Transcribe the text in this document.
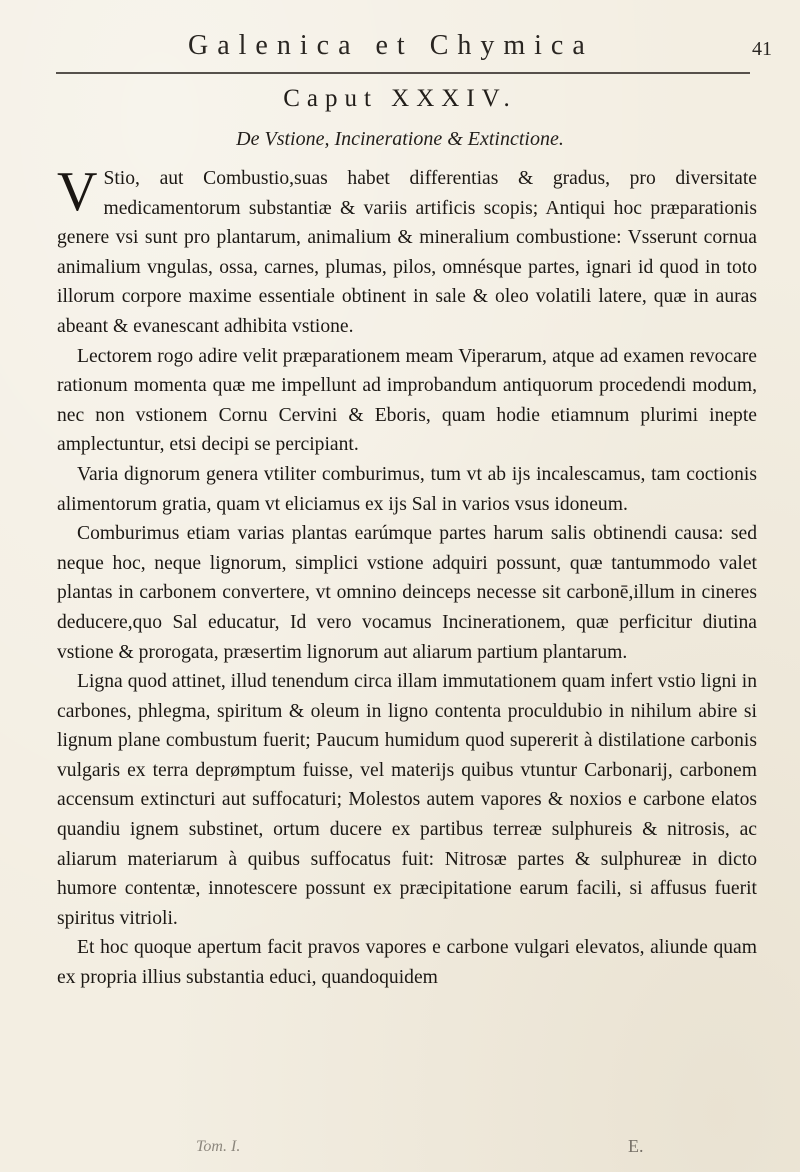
Galenica et Chymica	41
Caput XXXIV.
De Vstione, Incineratione & Extinctione.

V Stio, aut Combustio,suas habet differentias & gradus, pro diversitate medicamentorum substantiæ & variis artificis scopis; Antiqui hoc præparationis genere vsi sunt pro plantarum, animalium & mineralium combustione: Vsserunt cornua animalium vngulas, ossa, carnes, plumas, pilos, omnésque partes, ignari id quod in toto illorum corpore maxime essentiale obtinent in sale & oleo volatili latere, quæ in auras abeant & evanescant adhibita vstione.

Lectorem rogo adire velit præparationem meam Viperarum, atque ad examen revocare rationum momenta quæ me impellunt ad improbandum antiquorum procedendi modum, nec non vstionem Cornu Cervini & Eboris, quam hodie etiamnum plurimi inepte amplectuntur, etsi decipi se percipiant.

Varia dignorum genera vtiliter comburimus, tum vt ab ijs incalescamus, tam coctionis alimentorum gratia, quam vt eliciamus ex ijs Sal in varios vsus idoneum.

Comburimus etiam varias plantas earúmque partes harum salis obtinendi causa: sed neque hoc, neque lignorum, simplici vstione adquiri possunt, quæ tantummodo valet plantas in carbonem convertere, vt omnino deinceps necesse sit carbonē,illum in cineres deducere,quo Sal educatur, Id vero vocamus Incinerationem, quæ perficitur diutina vstione & prorogata, præsertim lignorum aut aliarum partium plantarum.

Ligna quod attinet, illud tenendum circa illam immutationem quam infert vstio ligni in carbones, phlegma, spiritum & oleum in ligno contenta proculdubio in nihilum abire si lignum plane combustum fuerit; Paucum humidum quod supererit à distilatione carbonis vulgaris ex terra deprømptum fuisse, vel materijs quibus vtuntur Carbonarij, carbonem accensum extincturi aut suffocaturi; Molestos autem vapores & noxios e carbone elatos quandiu ignem substinet, ortum ducere ex partibus terreæ sulphureis & nitrosis, ac aliarum materiarum à quibus suffocatus fuit: Nitrosæ partes & sulphureæ in dicto humore contentæ, innotescere possunt ex præcipitatione earum facili, si affusus fuerit spiritus vitrioli.

Et hoc quoque apertum facit pravos vapores e carbone vulgari elevatos, aliunde quam ex propria illius substantia educi, quandoquidem

Tom. I.	E.
